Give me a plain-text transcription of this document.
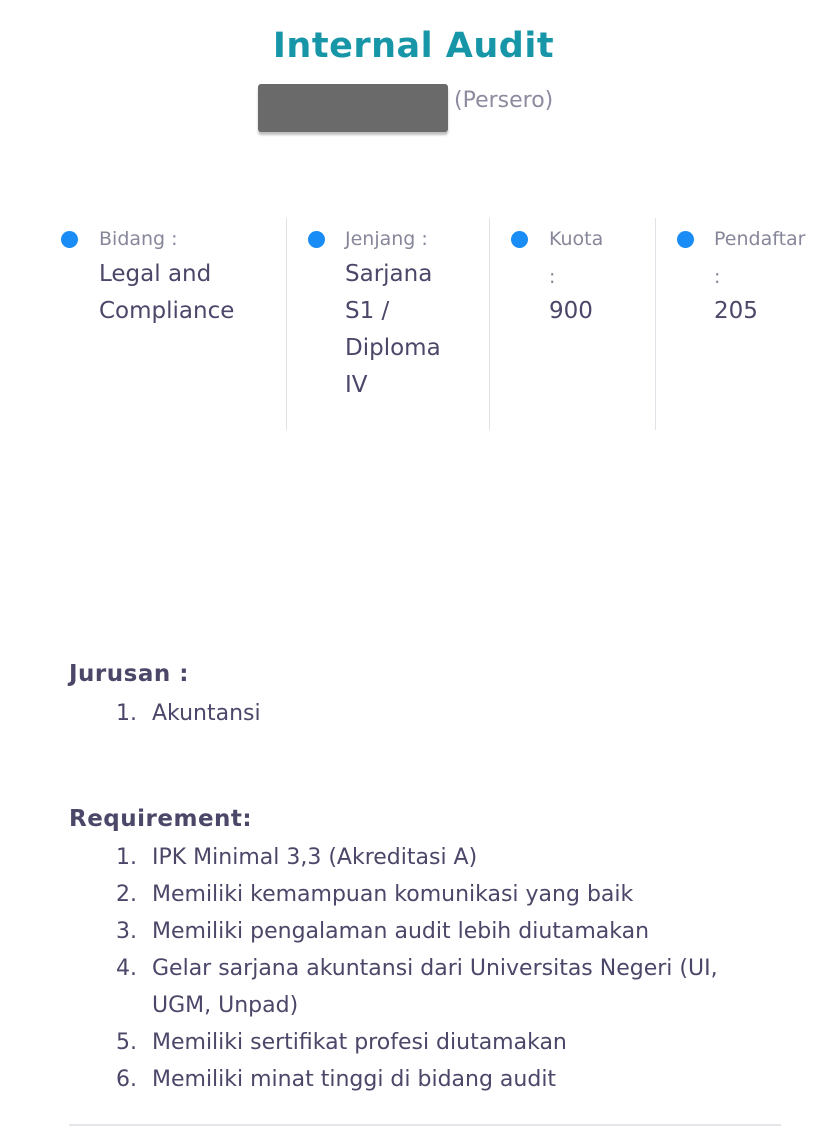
Internal Audit
(Persero)
Bidang :
Legal and
Compliance
Jenjang :
Sarjana
S1 /
Diploma
IV
Kuota
:
900
Pendaftar
:
205
Jurusan :
1. Akuntansi
Requirement:
1. IPK Minimal 3,3 (Akreditasi A)
2. Memiliki kemampuan komunikasi yang baik
3. Memiliki pengalaman audit lebih diutamakan
4. Gelar sarjana akuntansi dari Universitas Negeri (UI,
UGM, Unpad)
5. Memiliki sertifikat profesi diutamakan
6. Memiliki minat tinggi di bidang audit
